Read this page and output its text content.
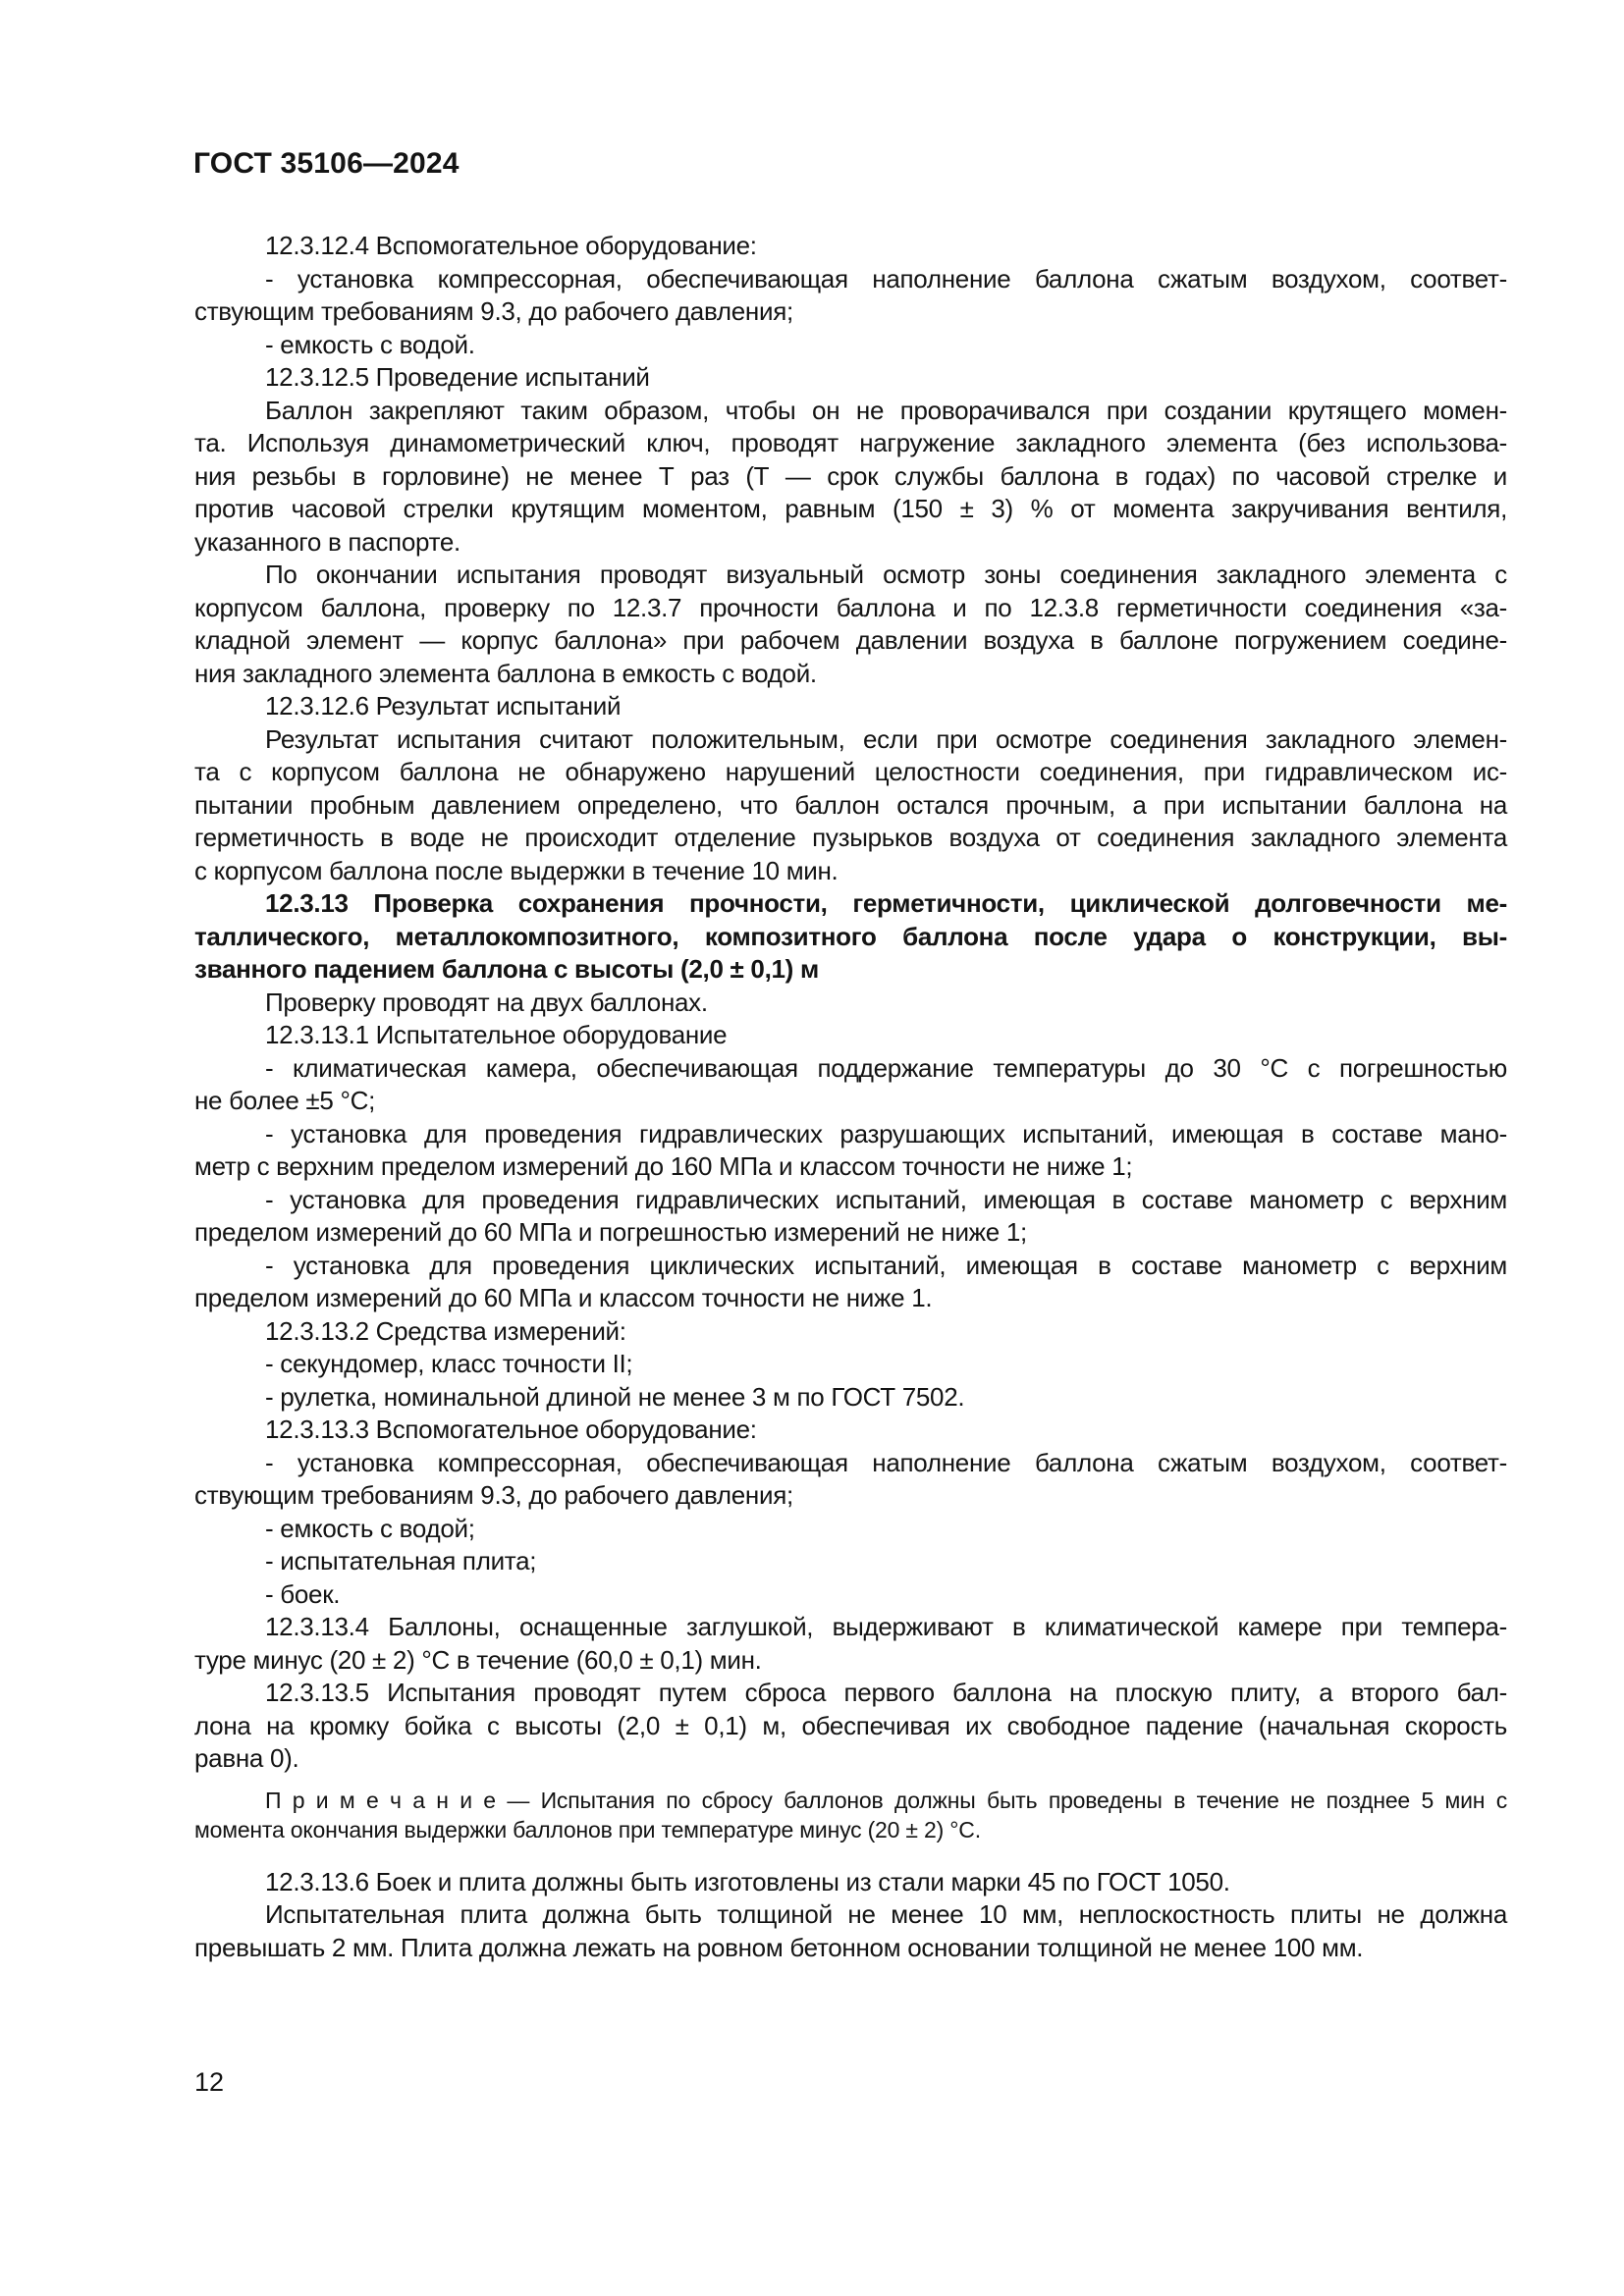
ГОСТ 35106—2024
12.3.12.4 Вспомогательное оборудование:
- установка компрессорная, обеспечивающая наполнение баллона сжатым воздухом, соответ-
ствующим требованиям 9.3, до рабочего давления;
- емкость с водой.
12.3.12.5 Проведение испытаний
Баллон закрепляют таким образом, чтобы он не проворачивался при создании крутящего момен-
та. Используя динамометрический ключ, проводят нагружение закладного элемента (без использова-
ния резьбы в горловине) не менее Т раз (Т — срок службы баллона в годах) по часовой стрелке и
против часовой стрелки крутящим моментом, равным (150 ± 3) % от момента закручивания вентиля,
указанного в паспорте.
По окончании испытания проводят визуальный осмотр зоны соединения закладного элемента с
корпусом баллона, проверку по 12.3.7 прочности баллона и по 12.3.8 герметичности соединения «за-
кладной элемент — корпус баллона» при рабочем давлении воздуха в баллоне погружением соедине-
ния закладного элемента баллона в емкость с водой.
12.3.12.6 Результат испытаний
Результат испытания считают положительным, если при осмотре соединения закладного элемен-
та с корпусом баллона не обнаружено нарушений целостности соединения, при гидравлическом ис-
пытании пробным давлением определено, что баллон остался прочным, а при испытании баллона на
герметичность в воде не происходит отделение пузырьков воздуха от соединения закладного элемента
с корпусом баллона после выдержки в течение 10 мин.
12.3.13 Проверка сохранения прочности, герметичности, циклической долговечности ме-
таллического, металлокомпозитного, композитного баллона после удара о конструкции, вы-
званного падением баллона с высоты (2,0 ± 0,1) м
Проверку проводят на двух баллонах.
12.3.13.1 Испытательное оборудование
- климатическая камера, обеспечивающая поддержание температуры до 30 °С с погрешностью
не более ±5 °С;
- установка для проведения гидравлических разрушающих испытаний, имеющая в составе мано-
метр с верхним пределом измерений до 160 МПа и классом точности не ниже 1;
- установка для проведения гидравлических испытаний, имеющая в составе манометр с верхним
пределом измерений до 60 МПа и погрешностью измерений не ниже 1;
- установка для проведения циклических испытаний, имеющая в составе манометр с верхним
пределом измерений до 60 МПа и классом точности не ниже 1.
12.3.13.2 Средства измерений:
- секундомер, класс точности II;
- рулетка, номинальной длиной не менее 3 м по ГОСТ 7502.
12.3.13.3 Вспомогательное оборудование:
- установка компрессорная, обеспечивающая наполнение баллона сжатым воздухом, соответ-
ствующим требованиям 9.3, до рабочего давления;
- емкость с водой;
- испытательная плита;
- боек.
12.3.13.4 Баллоны, оснащенные заглушкой, выдерживают в климатической камере при темпера-
туре минус (20 ± 2) °С в течение (60,0 ± 0,1) мин.
12.3.13.5 Испытания проводят путем сброса первого баллона на плоскую плиту, а второго бал-
лона на кромку бойка с высоты (2,0 ± 0,1) м, обеспечивая их свободное падение (начальная скорость
равна 0).
П р и м е ч а н и е — Испытания по сбросу баллонов должны быть проведены в течение не позднее 5 мин с
момента окончания выдержки баллонов при температуре минус (20 ± 2) °С.
12.3.13.6 Боек и плита должны быть изготовлены из стали марки 45 по ГОСТ 1050.
Испытательная плита должна быть толщиной не менее 10 мм, неплоскостность плиты не должна
превышать 2 мм. Плита должна лежать на ровном бетонном основании толщиной не менее 100 мм.
12
